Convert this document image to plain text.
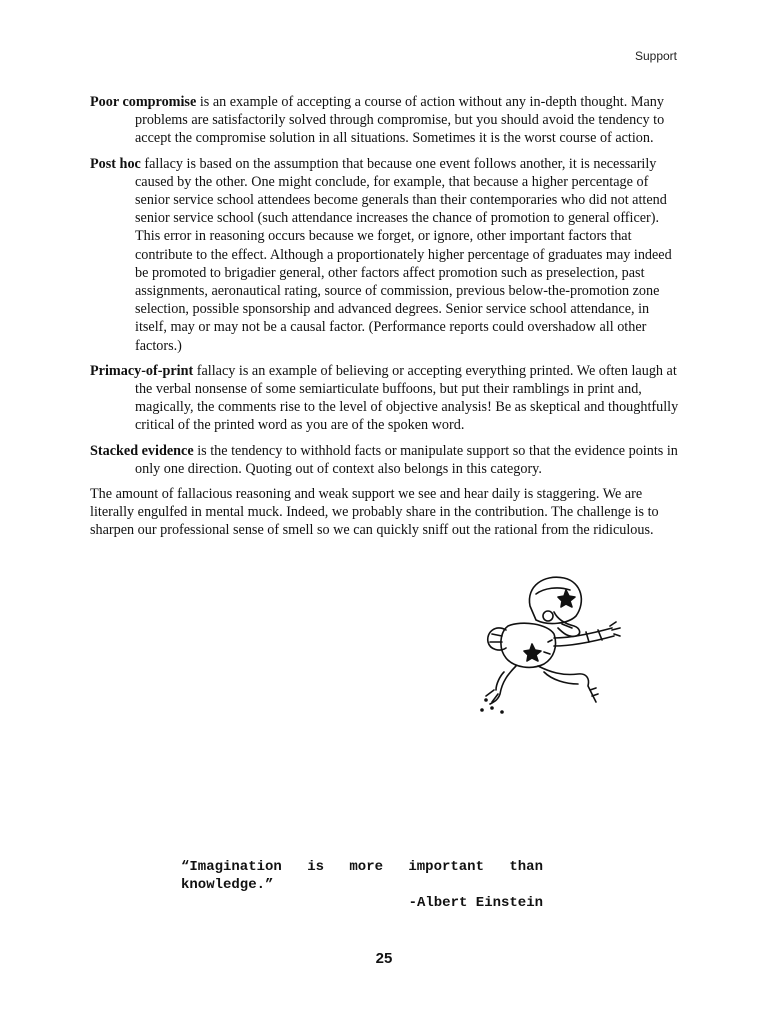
Support

Poor compromise is an example of accepting a course of action without any in-depth thought. Many problems are satisfactorily solved through compromise, but you should avoid the tendency to accept the compromise solution in all situations. Sometimes it is the worst course of action.

Post hoc fallacy is based on the assumption that because one event follows another, it is necessarily caused by the other. One might conclude, for example, that because a higher percentage of senior service school attendees become generals than their contemporaries who did not attend senior service school (such attendance increases the chance of promotion to general officer). This error in reasoning occurs because we forget, or ignore, other important factors that contribute to the effect. Although a proportionately higher percentage of graduates may indeed be promoted to brigadier general, other factors affect promotion such as preselection, past assignments, aeronautical rating, source of commission, previous below-the-promotion zone selection, possible sponsorship and advanced degrees. Senior service school attendance, in itself, may or may not be a causal factor. (Performance reports could overshadow all other factors.)

Primacy-of-print fallacy is an example of believing or accepting everything printed. We often laugh at the verbal nonsense of some semiarticulate buffoons, but put their ramblings in print and, magically, the comments rise to the level of objective analysis! Be as skeptical and thoughtfully critical of the printed word as you are of the spoken word.

Stacked evidence is the tendency to withhold facts or manipulate support so that the evidence points in only one direction. Quoting out of context also belongs in this category.

The amount of fallacious reasoning and weak support we see and hear daily is staggering. We are literally engulfed in mental muck. Indeed, we probably share in the contribution. The challenge is to sharpen our professional sense of smell so we can quickly sniff out the rational from the ridiculous.

“Imagination is more important than
knowledge.”
-Albert Einstein
25
